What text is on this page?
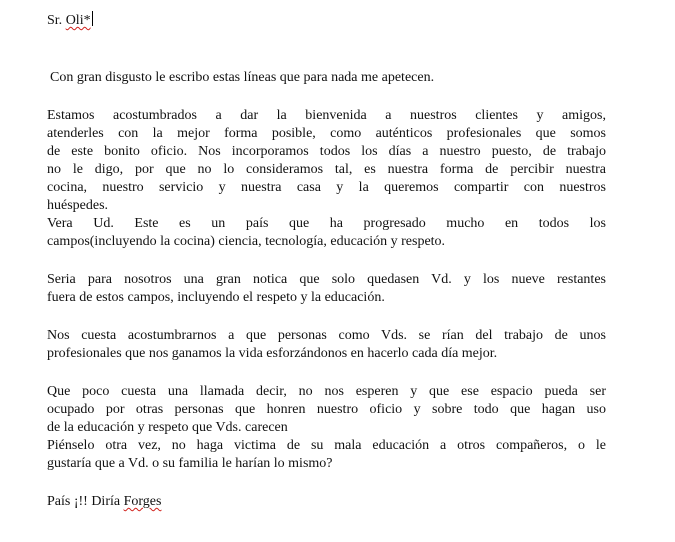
Sr. Oli*
Con gran disgusto le escribo estas líneas que para nada me apetecen.
Estamos acostumbrados a dar la bienvenida a nuestros clientes y amigos,
atenderles con la mejor forma posible, como auténticos profesionales que somos
de este bonito oficio. Nos incorporamos todos los días a nuestro puesto, de trabajo
no le digo, por que no lo consideramos tal, es nuestra forma de percibir nuestra
cocina, nuestro servicio y nuestra casa y la queremos compartir con nuestros
huéspedes.
Vera Ud. Este es un país que ha progresado mucho en todos los
campos(incluyendo la cocina) ciencia, tecnología, educación y respeto.
Seria para nosotros una gran notica que solo quedasen Vd. y los nueve restantes
fuera de estos campos, incluyendo el respeto y la educación.
Nos cuesta acostumbrarnos a que personas como Vds. se rían del trabajo de unos
profesionales que nos ganamos la vida esforzándonos en hacerlo cada día mejor.
Que poco cuesta una llamada decir, no nos esperen y que ese espacio pueda ser
ocupado por otras personas que honren nuestro oficio y sobre todo que hagan uso
de la educación y respeto que Vds. carecen
Piénselo otra vez, no haga victima de su mala educación a otros compañeros, o le
gustaría que a Vd. o su familia le harían lo mismo?
País ¡!! Diría Forges
